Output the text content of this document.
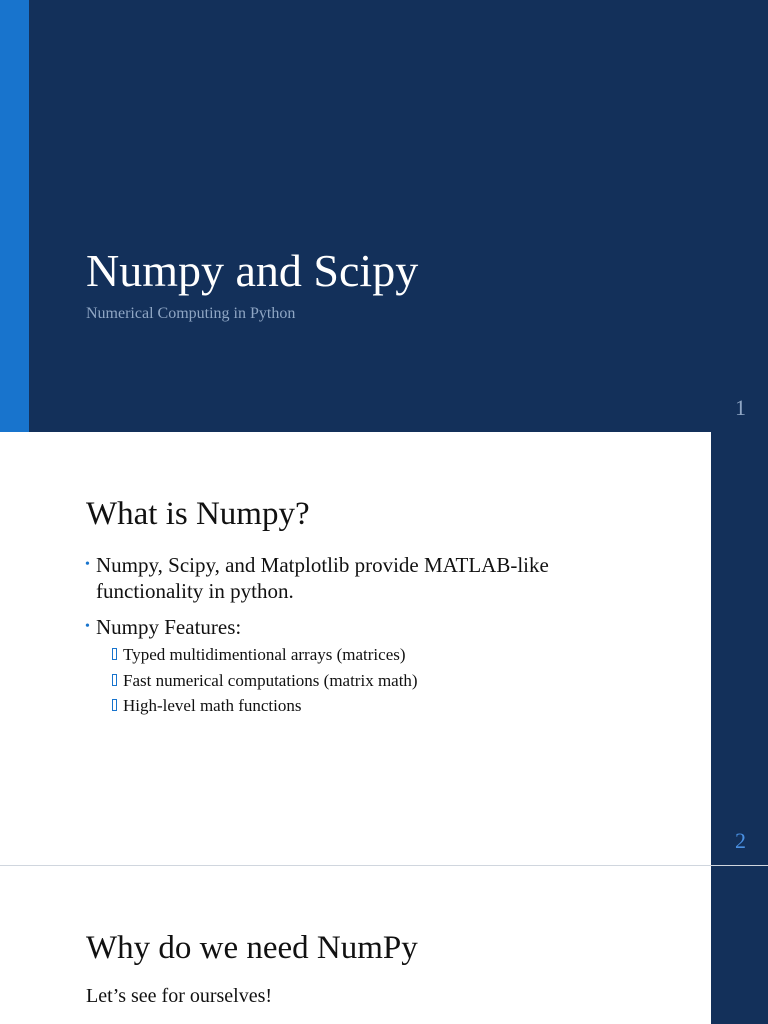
Numpy and Scipy
Numerical Computing in Python
1
2
What is Numpy?
• Numpy, Scipy, and Matplotlib provide MATLAB-like functionality in python.
• Numpy Features:
Typed multidimentional arrays (matrices)
Fast numerical computations (matrix math)
High-level math functions
Why do we need NumPy
Let’s see for ourselves!
